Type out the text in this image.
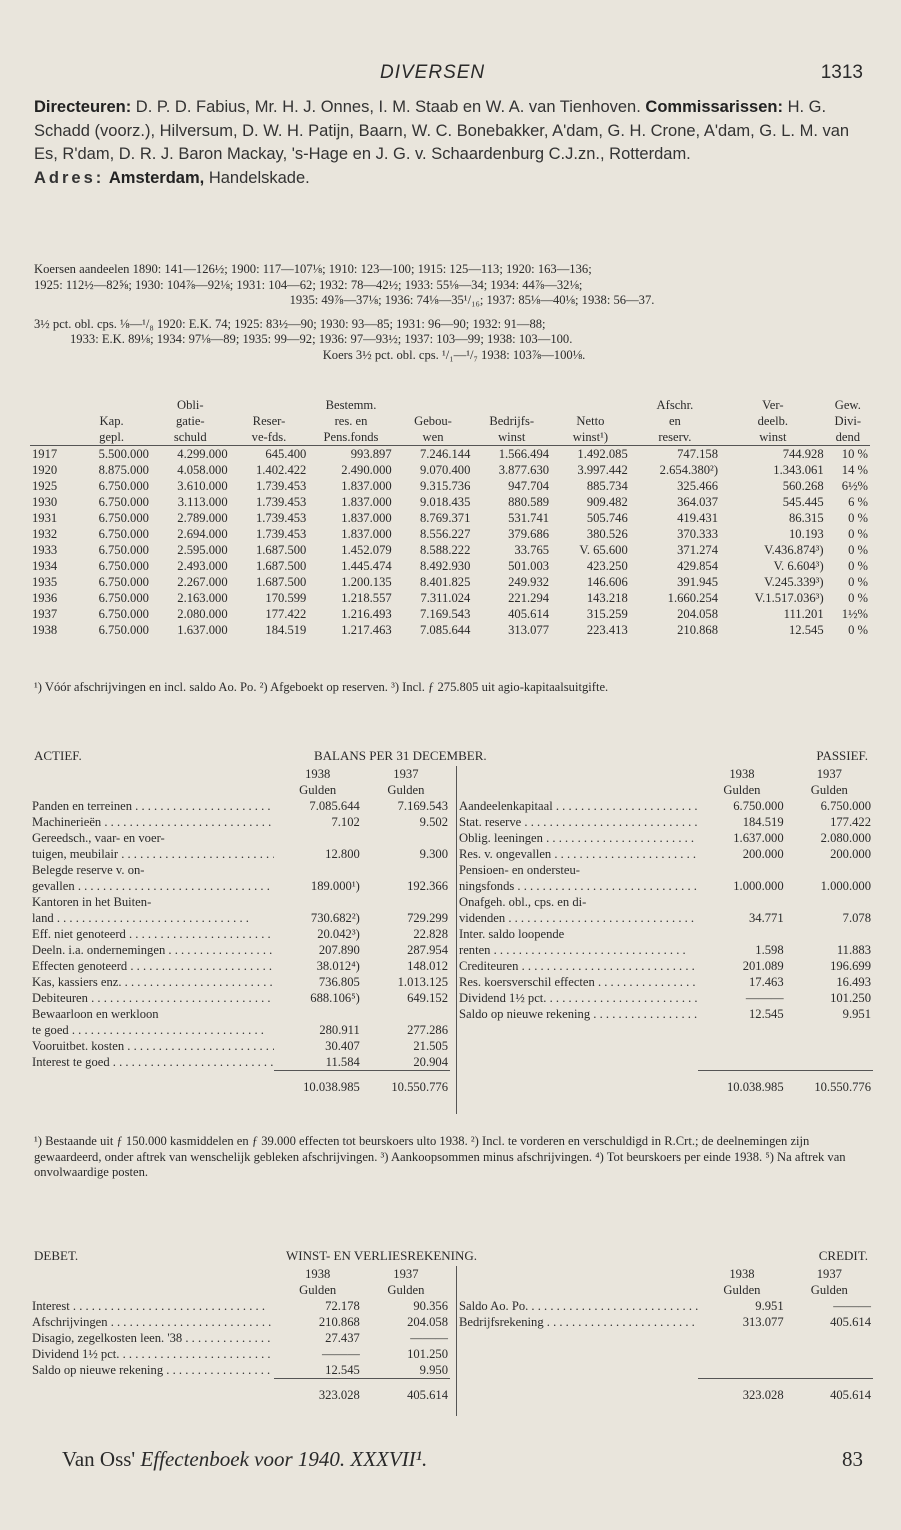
DIVERSEN	1313
Directeuren: D. P. D. Fabius, Mr. H. J. Onnes, I. M. Staab en W. A. van Tienhoven. Commissarissen: H. G. Schadd (voorz.), Hilversum, D. W. H. Patijn, Baarn, W. C. Bonebakker, A'dam, G. H. Crone, A'dam, G. L. M. van Es, R'dam, D. R. J. Baron Mackay, 's-Hage en J. G. v. Schaardenburg C.J.zn., Rotterdam.
Adres: Amsterdam, Handelskade.

Koersen aandeelen 1890: 141—126½; 1900: 117—107⅛; 1910: 123—100; 1915: 125—113; 1920: 163—136;

1925: 112½—82⅝; 1930: 104⅞—92⅛; 1931: 104—62; 1932: 78—42½; 1933: 55⅛—34; 1934: 44⅞—32⅛;

1935: 49⅞—37⅛; 1936: 74⅛—35¹/₁₆; 1937: 85⅛—40⅛; 1938: 56—37.

3½ pct. obl. cps. ⅛—¹/₈ 1920: E.K. 74; 1925: 83½—90; 1930: 93—85; 1931: 96—90; 1932: 91—88;

1933: E.K. 89⅛; 1934: 97⅛—89; 1935: 99—92; 1936: 97—93½; 1937: 103—99; 1938: 103—100.

Koers 3½ pct. obl. cps. ¹/₁—¹/₇ 1938: 103⅞—100⅛.

		Obli-		Bestemm.				Afschr.	Ver-	Gew.
	Kap.	gatie-	Reser-	res. en	Gebou-	Bedrijfs-	Netto	en	deelb.	Divi-
	gepl.	schuld	ve-fds.	Pens.fonds	wen	winst	winst¹)	reserv.	winst	dend
1917	5.500.000	4.299.000	645.400	993.897	7.246.144	1.566.494	1.492.085	747.158	744.928	10 %
1920	8.875.000	4.058.000	1.402.422	2.490.000	9.070.400	3.877.630	3.997.442	2.654.380²)	1.343.061	14 %
1925	6.750.000	3.610.000	1.739.453	1.837.000	9.315.736	947.704	885.734	325.466	560.268	6½%
1930	6.750.000	3.113.000	1.739.453	1.837.000	9.018.435	880.589	909.482	364.037	545.445	6 %
1931	6.750.000	2.789.000	1.739.453	1.837.000	8.769.371	531.741	505.746	419.431	86.315	0 %
1932	6.750.000	2.694.000	1.739.453	1.837.000	8.556.227	379.686	380.526	370.333	10.193	0 %
1933	6.750.000	2.595.000	1.687.500	1.452.079	8.588.222	33.765	V. 65.600	371.274	V.436.874³)	0 %
1934	6.750.000	2.493.000	1.687.500	1.445.474	8.492.930	501.003	423.250	429.854	V. 6.604³)	0 %
1935	6.750.000	2.267.000	1.687.500	1.200.135	8.401.825	249.932	146.606	391.945	V.245.339³)	0 %
1936	6.750.000	2.163.000	170.599	1.218.557	7.311.024	221.294	143.218	1.660.254	V.1.517.036³)	0 %
1937	6.750.000	2.080.000	177.422	1.216.493	7.169.543	405.614	315.259	204.058	111.201	1½%
1938	6.750.000	1.637.000	184.519	1.217.463	7.085.644	313.077	223.413	210.868	12.545	0 %
¹) Vóór afschrijvingen en incl. saldo Ao. Po. ²) Afgeboekt op reserven. ³) Incl. ƒ 275.805 uit agio-kapitaalsuitgifte.
ACTIEF.	BALANS PER 31 DECEMBER.	PASSIEF.
	1938	1937
	Gulden	Gulden
Panden en terreinen . . .	7.085.644	7.169.543
Machinerieën . . .	7.102	9.502
Gereedsch., vaar- en voer-		
tuigen, meubilair . . .	12.800	9.300
Belegde reserve v. on-		
gevallen . . .	189.000¹)	192.366
Kantoren in het Buiten-		
land . . .	730.682²)	729.299
Eff. niet genoteerd . . .	20.042³)	22.828
Deeln. i.a. ondernemingen . . .	207.890	287.954
Effecten genoteerd . . .	38.012⁴)	148.012
Kas, kassiers enz. . . .	736.805	1.013.125
Debiteuren . . .	688.106⁵)	649.152
Bewaarloon en werkloon		
te goed . . .	280.911	277.286
Vooruitbet. kosten . . .	30.407	21.505
Interest te goed . . .	11.584	20.904
	10.038.985	10.550.776
	1938	1937
	Gulden	Gulden
Aandeelenkapitaal . . .	6.750.000	6.750.000
Stat. reserve . . .	184.519	177.422
Oblig. leeningen . . .	1.637.000	2.080.000
Res. v. ongevallen . . .	200.000	200.000
Pensioen- en ondersteu-		
ningsfonds . . .	1.000.000	1.000.000
Onafgeh. obl., cps. en di-		
videnden . . .	34.771	7.078
Inter. saldo loopende		
renten . . .	1.598	11.883
Crediteuren . . .	201.089	196.699
Res. koersverschil effecten . . .	17.463	16.493
Dividend 1½ pct. . . .	———	101.250
Saldo op nieuwe rekening . . .	12.545	9.951

	10.038.985	10.550.776
¹) Bestaande uit ƒ 150.000 kasmiddelen en ƒ 39.000 effecten tot beurskoers ulto 1938. ²) Incl. te vorderen en verschuldigd in R.Crt.; de deelnemingen zijn gewaardeerd, onder aftrek van wenschelijk gebleken afschrijvingen. ³) Aankoopsommen minus afschrijvingen. ⁴) Tot beurskoers per einde 1938. ⁵) Na aftrek van onvolwaardige posten.
DEBET.	WINST- EN VERLIESREKENING.	CREDIT.
	1938	1937
	Gulden	Gulden
Interest . . .	72.178	90.356
Afschrijvingen . . .	210.868	204.058
Disagio, zegelkosten leen. '38 . . .	27.437	———
Dividend 1½ pct. . . .	———	101.250
Saldo op nieuwe rekening . . .	12.545	9.950
	323.028	405.614
	1938	1937
	Gulden	Gulden
Saldo Ao. Po. . . .	9.951	———
Bedrijfsrekening . . .	313.077	405.614

	323.028	405.614
Van Oss' Effectenboek voor 1940. XXXVII¹.	83
